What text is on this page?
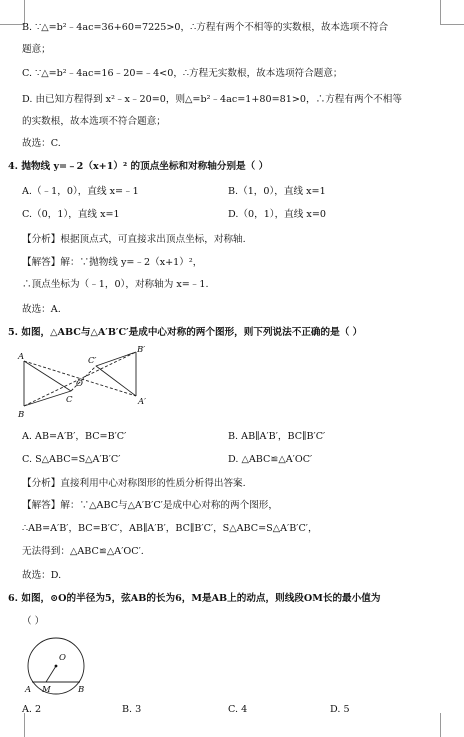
B. ∵△=b²﹣4ac=36+60=7225>0，∴方程有两个不相等的实数根，故本选项不符合
题意；
C. ∵△=b²﹣4ac=16﹣20=﹣4<0，∴方程无实数根，故本选项符合题意；
D. 由已知方程得到 x²﹣x﹣20=0，则△=b²﹣4ac=1+80=81>0，∴方程有两个不相等
的实数根，故本选项不符合题意；
故选：C.
4. 抛物线 y=﹣2（x+1）² 的顶点坐标和对称轴分别是（ ）
A.（﹣1，0），直线 x=﹣1	B.（1，0），直线 x=1
C.（0，1），直线 x=1	D.（0，1），直线 x=0
【分析】根据顶点式，可直接求出顶点坐标，对称轴.
【解答】解：∵抛物线 y=﹣2（x+1）²，
∴顶点坐标为（﹣1，0），对称轴为 x=﹣1.
故选：A.
5. 如图，△ABC与△A′B′C′是成中心对称的两个图形，则下列说法不正确的是（ ）
A
B
C
O
A′
B′
C′
A. AB=A′B′，BC=B′C′	B. AB∥A′B′，BC∥B′C′
C. S△ABC=S△A′B′C′	D. △ABC≌△A′OC′
【分析】直接利用中心对称图形的性质分析得出答案.
【解答】解：∵△ABC与△A′B′C′是成中心对称的两个图形，
∴AB=A′B′，BC=B′C′，AB∥A′B′，BC∥B′C′，S△ABC=S△A′B′C′，
无法得到：△ABC≌△A′OC′.
故选：D.
6. 如图，⊙O的半径为5，弦AB的长为6，M是AB上的动点，则线段OM长的最小值为
（ ）
O
A M	B
A. 2	B. 3	C. 4	D. 5
